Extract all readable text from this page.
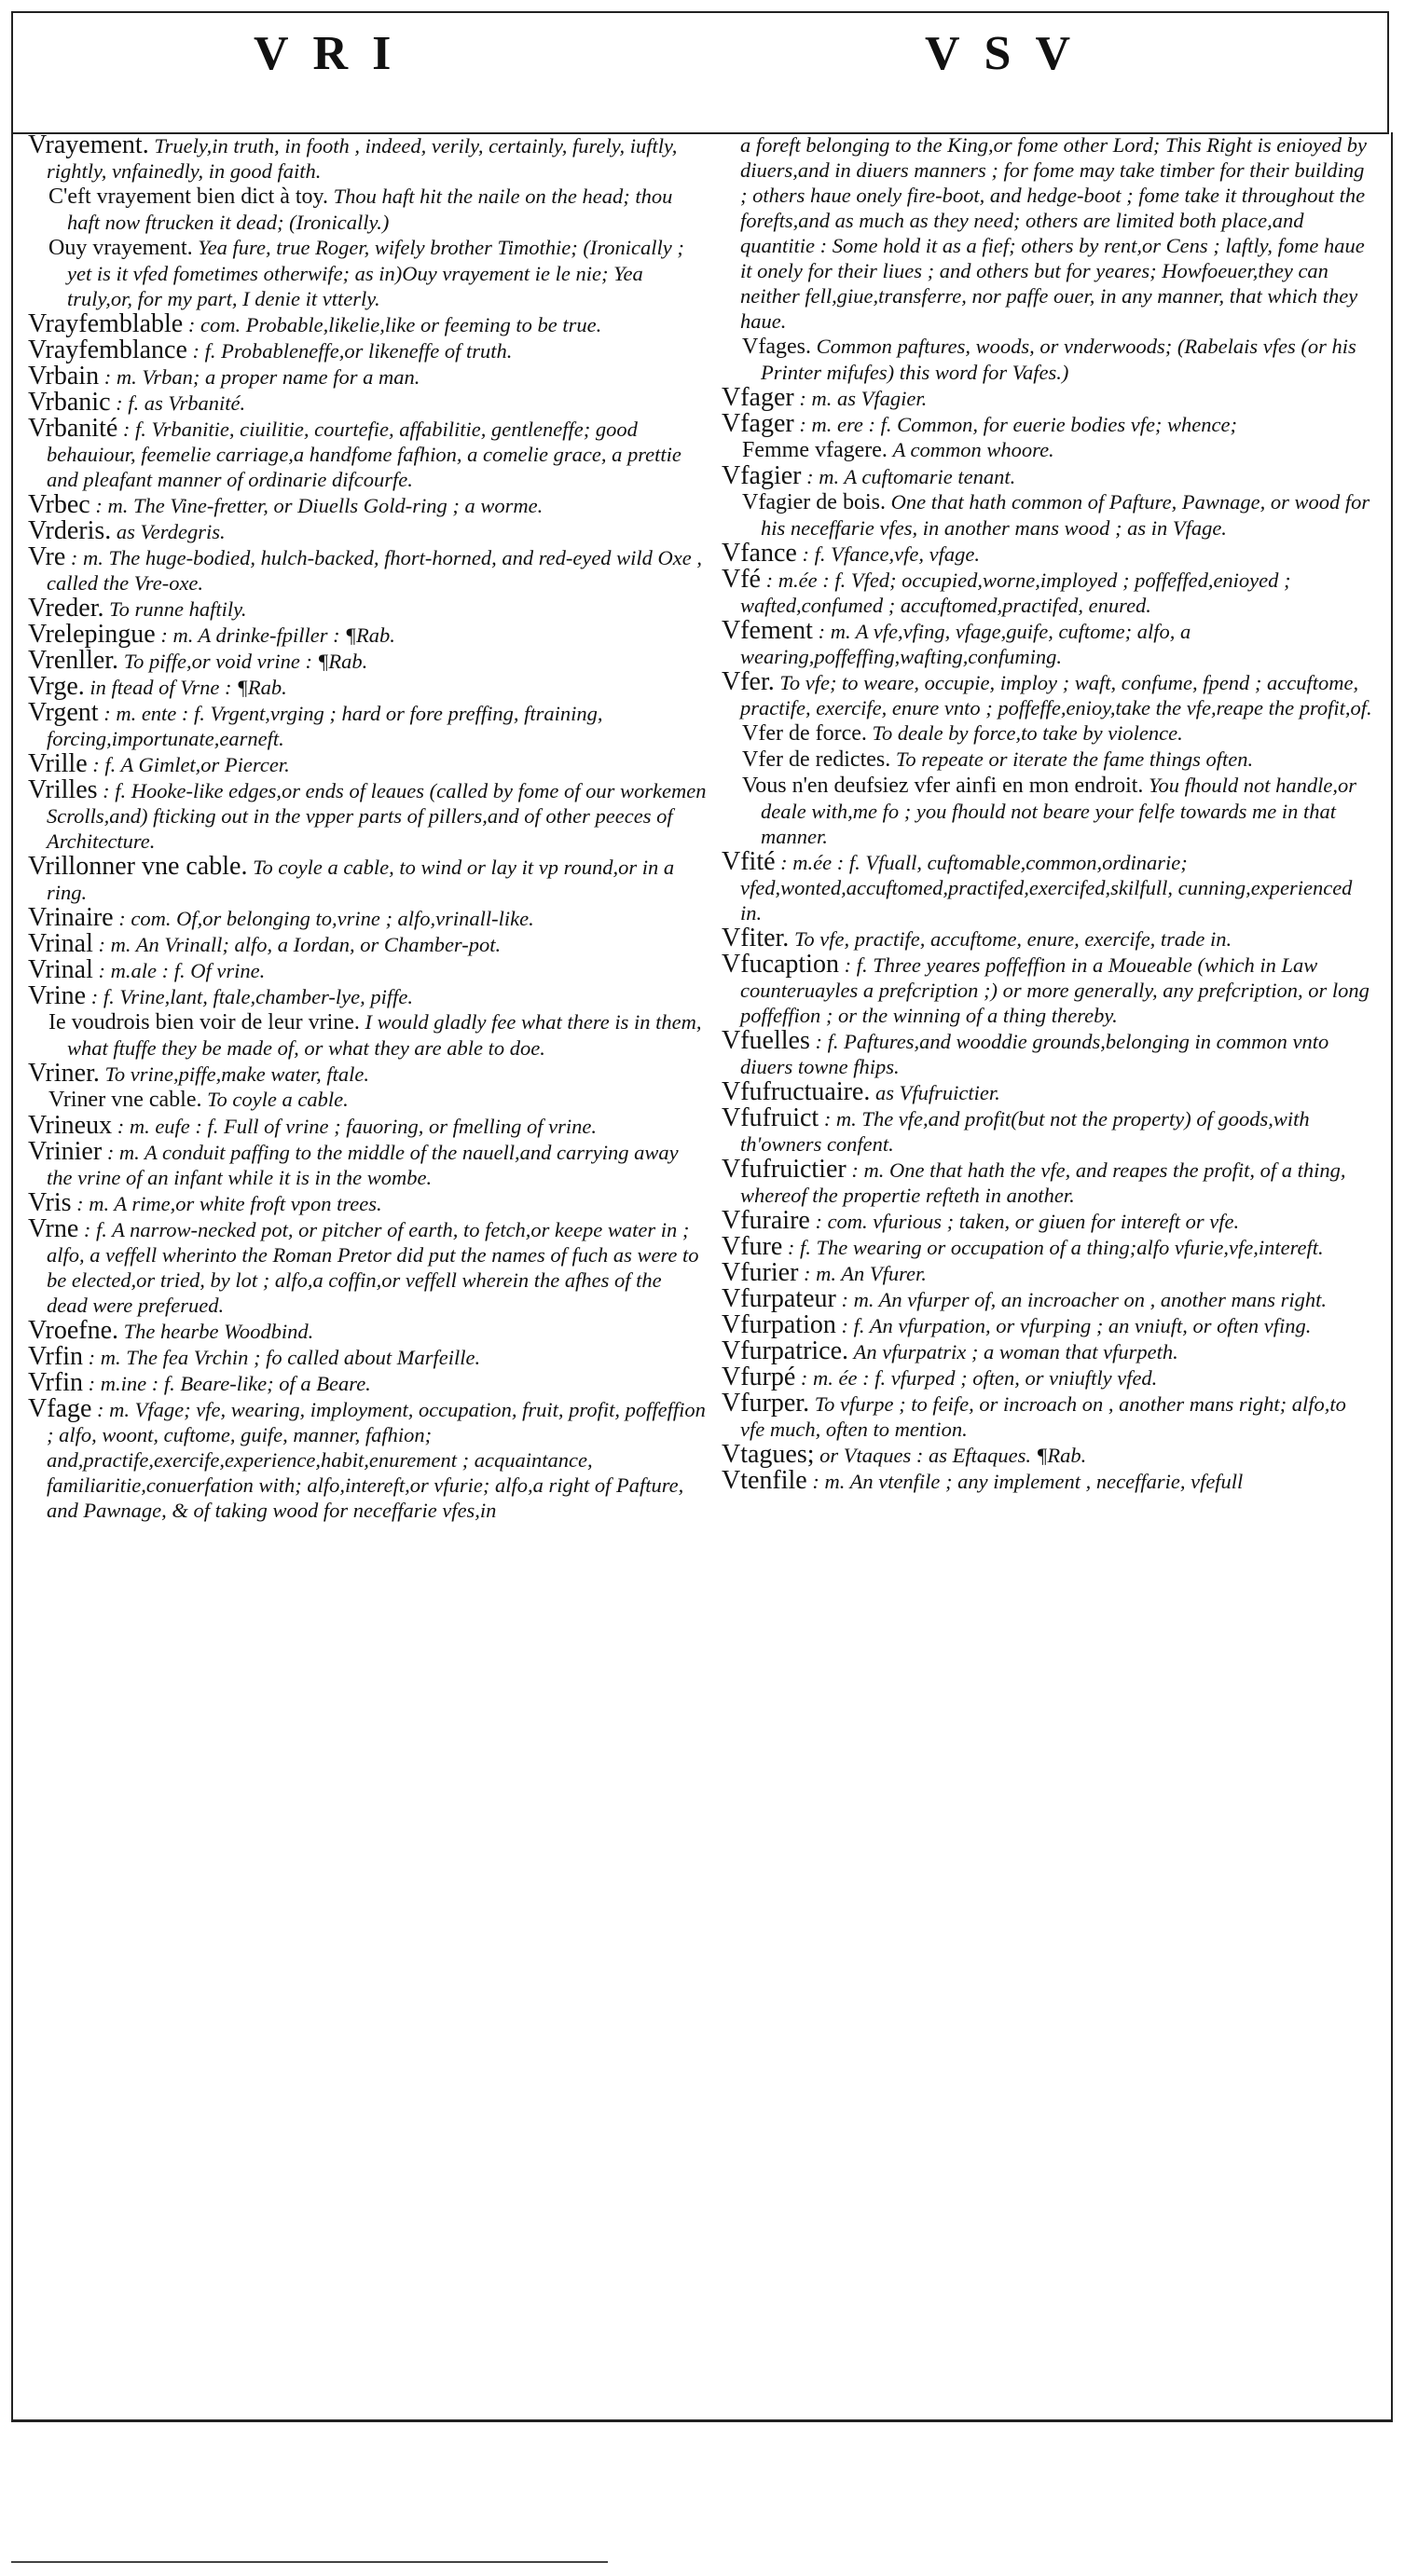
VRI	VSV

Vrayement. Truely,in truth, in footh , indeed, verily, certainly, furely, iuftly, rightly, vnfainedly, in good faith.

C'eft vrayement bien dict à toy. Thou haft hit the naile on the head; thou haft now ftrucken it dead; (Ironically.)

Ouy vrayement. Yea fure, true Roger, wifely brother Timothie; (Ironically ; yet is it vfed fometimes otherwife; as in)Ouy vrayement ie le nie; Yea truly,or, for my part, I denie it vtterly.

Vrayfemblable : com. Probable,likelie,like or feeming to be true.

Vrayfemblance : f. Probableneffe,or likeneffe of truth.

Vrbain : m. Vrban; a proper name for a man.

Vrbanic : f. as Vrbanité.

Vrbanité : f. Vrbanitie, ciuilitie, courtefie, affabilitie, gentleneffe; good behauiour, feemelie carriage,a handfome fafhion, a comelie grace, a prettie and pleafant manner of ordinarie difcourfe.

Vrbec : m. The Vine-fretter, or Diuells Gold-ring ; a worme.

Vrderis. as Verdegris.

Vre : m. The huge-bodied, hulch-backed, fhort-horned, and red-eyed wild Oxe , called the Vre-oxe.

Vreder. To runne haftily.

Vrelepingue : m. A drinke-fpiller : ¶Rab.

Vrenller. To piffe,or void vrine : ¶Rab.

Vrge. in ftead of Vrne : ¶Rab.

Vrgent : m. ente : f. Vrgent,vrging ; hard or fore preffing, ftraining, forcing,importunate,earneft.

Vrille : f. A Gimlet,or Piercer.

Vrilles : f. Hooke-like edges,or ends of leaues (called by fome of our workemen Scrolls,and) fticking out in the vpper parts of pillers,and of other peeces of Architecture.

Vrillonner vne cable. To coyle a cable, to wind or lay it vp round,or in a ring.

Vrinaire : com. Of,or belonging to,vrine ; alfo,vrinall-like.

Vrinal : m. An Vrinall; alfo, a Iordan, or Chamber-pot.

Vrinal : m.ale : f. Of vrine.

Vrine : f. Vrine,lant, ftale,chamber-lye, piffe.

Ie voudrois bien voir de leur vrine. I would gladly fee what there is in them, what ftuffe they be made of, or what they are able to doe.

Vriner. To vrine,piffe,make water, ftale.

Vriner vne cable. To coyle a cable.

Vrineux : m. eufe : f. Full of vrine ; fauoring, or fmelling of vrine.

Vrinier : m. A conduit paffing to the middle of the nauell,and carrying away the vrine of an infant while it is in the wombe.

Vris : m. A rime,or white froft vpon trees.

Vrne : f. A narrow-necked pot, or pitcher of earth, to fetch,or keepe water in ; alfo, a veffell wherinto the Roman Pretor did put the names of fuch as were to be elected,or tried, by lot ; alfo,a coffin,or veffell wherein the afhes of the dead were preferued.

Vroefne. The hearbe Woodbind.

Vrfin : m. The fea Vrchin ; fo called about Marfeille.

Vrfin : m.ine : f. Beare-like; of a Beare.

Vfage : m. Vfage; vfe, wearing, imployment, occupation, fruit, profit, poffeffion ; alfo, woont, cuftome, guife, manner, fafhion; and,practife,exercife,experience,habit,enurement ; acquaintance, familiaritie,conuerfation with; alfo,intereft,or vfurie; alfo,a right of Pafture, and Pawnage, & of taking wood for neceffarie vfes,in

a foreft belonging to the King,or fome other Lord; This Right is enioyed by diuers,and in diuers manners ; for fome may take timber for their building ; others haue onely fire-boot, and hedge-boot ; fome take it throughout the forefts,and as much as they need; others are limited both place,and quantitie : Some hold it as a fief; others by rent,or Cens ; laftly, fome haue it onely for their liues ; and others but for yeares; Howfoeuer,they can neither fell,giue,transferre, nor paffe ouer, in any manner, that which they haue.

Vfages. Common paftures, woods, or vnderwoods; (Rabelais vfes (or his Printer mifufes) this word for Vafes.)

Vfager : m. as Vfagier.

Vfager : m. ere : f. Common, for euerie bodies vfe; whence;

Femme vfagere. A common whoore.

Vfagier : m. A cuftomarie tenant.

Vfagier de bois. One that hath common of Pafture, Pawnage, or wood for his neceffarie vfes, in another mans wood ; as in Vfage.

Vfance : f. Vfance,vfe, vfage.

Vfé : m.ée : f. Vfed; occupied,worne,imployed ; poffeffed,enioyed ; wafted,confumed ; accuftomed,practifed, enured.

Vfement : m. A vfe,vfing, vfage,guife, cuftome; alfo, a wearing,poffeffing,wafting,confuming.

Vfer. To vfe; to weare, occupie, imploy ; waft, confume, fpend ; accuftome, practife, exercife, enure vnto ; poffeffe,enioy,take the vfe,reape the profit,of.

Vfer de force. To deale by force,to take by violence.

Vfer de redictes. To repeate or iterate the fame things often.

Vous n'en deufsiez vfer ainfi en mon endroit. You fhould not handle,or deale with,me fo ; you fhould not beare your felfe towards me in that manner.

Vfité : m.ée : f. Vfuall, cuftomable,common,ordinarie; vfed,wonted,accuftomed,practifed,exercifed,skilfull, cunning,experienced in.

Vfiter. To vfe, practife, accuftome, enure, exercife, trade in.

Vfucaption : f. Three yeares poffeffion in a Moueable (which in Law counteruayles a prefcription ;) or more generally, any prefcription, or long poffeffion ; or the winning of a thing thereby.

Vfuelles : f. Paftures,and wooddie grounds,belonging in common vnto diuers towne fhips.

Vfufructuaire. as Vfufruictier.

Vfufruict : m. The vfe,and profit(but not the property) of goods,with th'owners confent.

Vfufruictier : m. One that hath the vfe, and reapes the profit, of a thing, whereof the propertie refteth in another.

Vfuraire : com. vfurious ; taken, or giuen for intereft or vfe.

Vfure : f. The wearing or occupation of a thing;alfo vfurie,vfe,intereft.

Vfurier : m. An Vfurer.

Vfurpateur : m. An vfurper of, an incroacher on , another mans right.

Vfurpation : f. An vfurpation, or vfurping ; an vniuft, or often vfing.

Vfurpatrice. An vfurpatrix ; a woman that vfurpeth.

Vfurpé : m. ée : f. vfurped ; often, or vniuftly vfed.

Vfurper. To vfurpe ; to feife, or incroach on , another mans right; alfo,to vfe much, often to mention.

Vtagues; or Vtaques : as Eftaques. ¶Rab.

Vtenfile : m. An vtenfile ; any implement , neceffarie, vfefull
